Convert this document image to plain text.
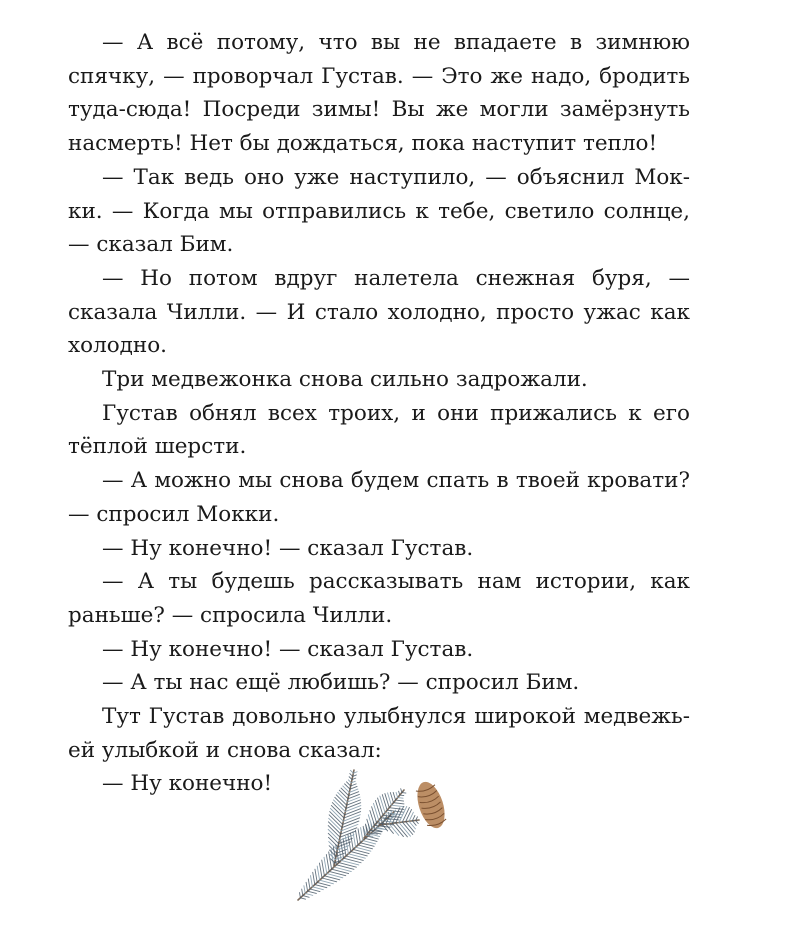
— А всё потому, что вы не впадаете в зимнюю спячку, — проворчал Густав. — Это же надо, бродить туда-сюда! Посреди зимы! Вы же могли замёрзнуть насмерть! Нет бы дождаться, пока наступит тепло!

— Так ведь оно уже наступило, — объяснил Мокки. — Когда мы отправились к тебе, светило солнце, — сказал Бим.

— Но потом вдруг налетела снежная буря, — сказала Чилли. — И стало холодно, просто ужас как холодно.

Три медвежонка снова сильно задрожали.

Густав обнял всех троих, и они прижались к его тёплой шерсти.

— А можно мы снова будем спать в твоей кровати? — спросил Мокки.

— Ну конечно! — сказал Густав.

— А ты будешь рассказывать нам истории, как раньше? — спросила Чилли.

— Ну конечно! — сказал Густав.

— А ты нас ещё любишь? — спросил Бим.

Тут Густав довольно улыбнулся широкой медвежьей улыбкой и снова сказал:

— Ну конечно!
